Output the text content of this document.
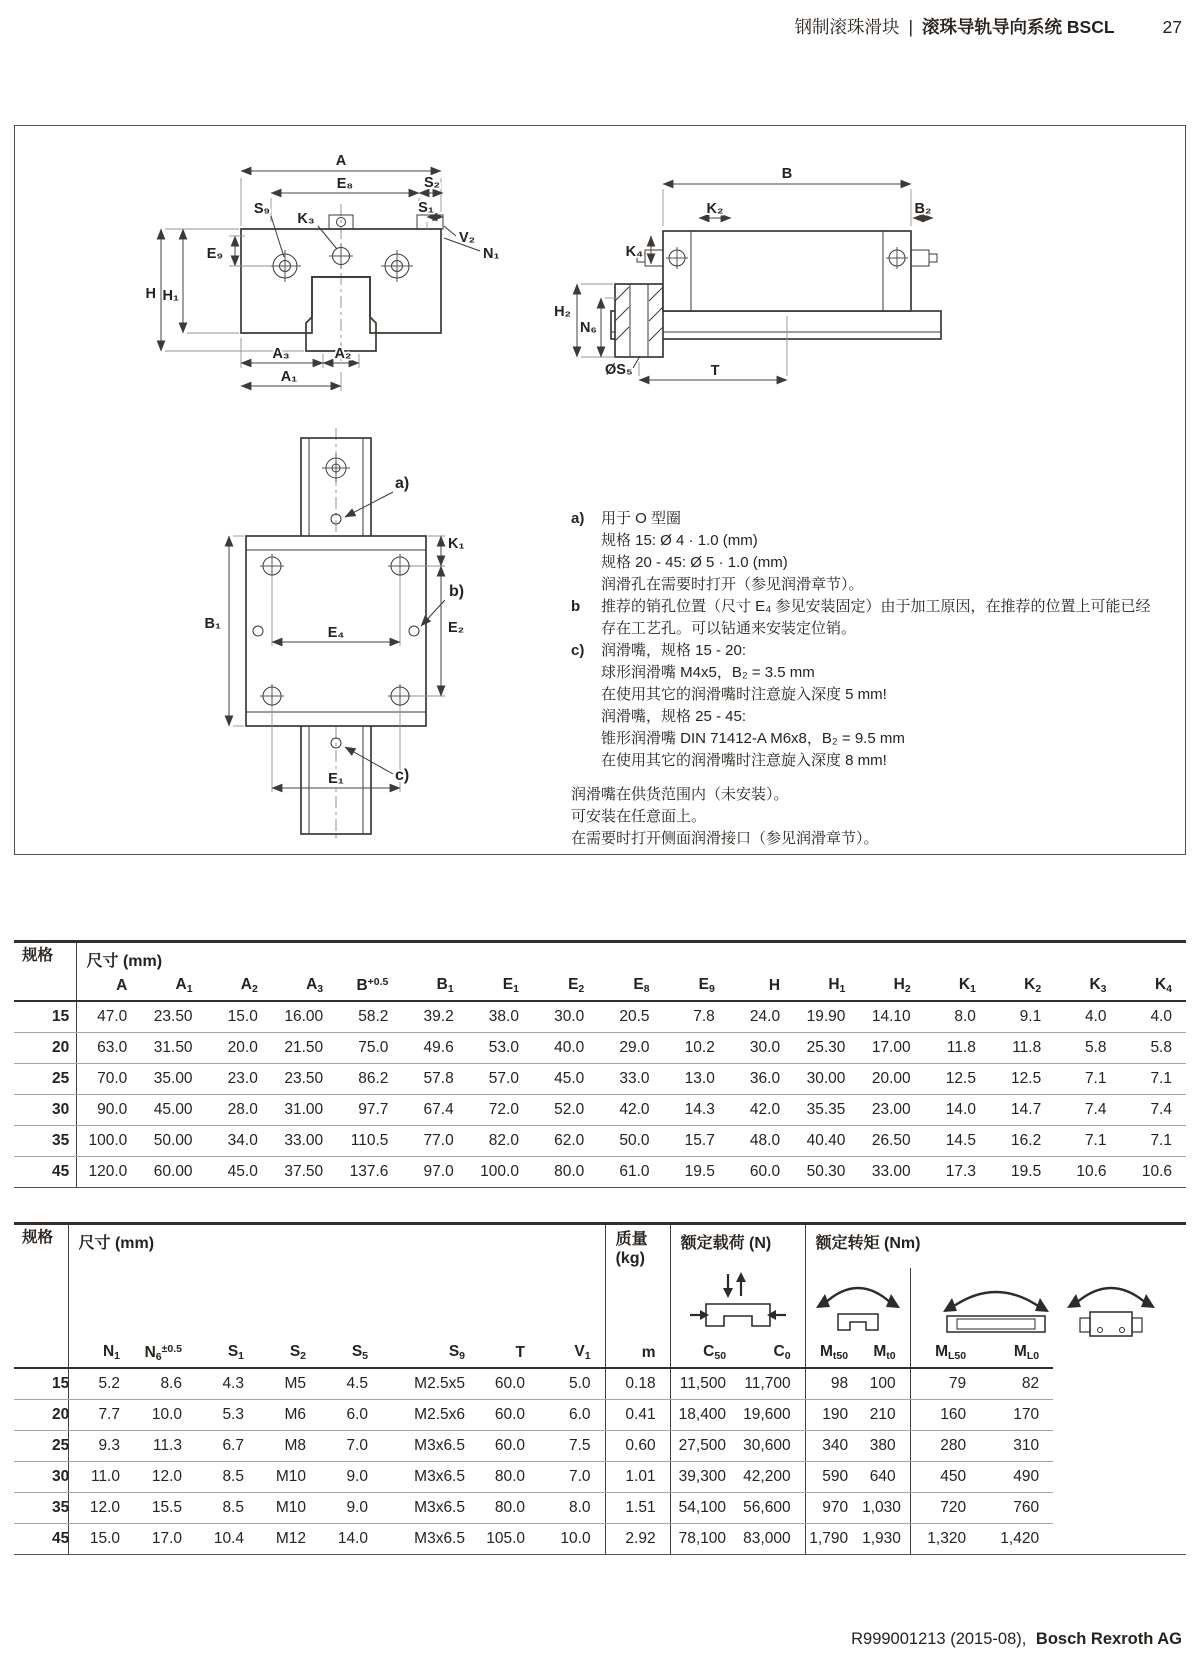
钢制滚珠滑块 | 滚珠导轨导向系统 BSCL	27
A
E₈	S₂
S₁
S₉
K₃
V₂
N₁
E₉
H H₁
A₃	A₂
A₁
B
K₂	B₂
K₄
H₂
N₆
ØS₅	T
a)
K₁
b)
B₁
E₄	E₂
c)
E₁
a)	用于 O 型圈
规格 15: Ø 4 · 1.0 (mm)
规格 20 - 45: Ø 5 · 1.0 (mm)
润滑孔在需要时打开（参见润滑章节）。
b	推荐的销孔位置（尺寸 E₄ 参见安装固定）由于加工原因，在推荐的位置上可能已经存在工艺孔。可以钻通来安装定位销。
c)	润滑嘴，规格 15 - 20:
球形润滑嘴 M4x5，B₂ = 3.5 mm
在使用其它的润滑嘴时注意旋入深度 5 mm!
润滑嘴，规格 25 - 45:
锥形润滑嘴 DIN 71412-A M6x8，B₂ = 9.5 mm
在使用其它的润滑嘴时注意旋入深度 8 mm!
润滑嘴在供货范围内（未安装）。
可安装在任意面上。
在需要时打开侧面润滑接口（参见润滑章节）。
规格	尺寸 (mm)																
	A	$A_1$	$A_2$	$A_3$	$B^{+0.5}$	$B_1$	$E_1$	$E_2$	$E_8$	$E_9$	H	$H_1$	$H_2$	$K_1$	$K_2$	$K_3$	$K_4$
15	47.0	23.50	15.0	16.00	58.2	39.2	38.0	30.0	20.5	7.8	24.0	19.90	14.10	8.0	9.1	4.0	4.0
20	63.0	31.50	20.0	21.50	75.0	49.6	53.0	40.0	29.0	10.2	30.0	25.30	17.00	11.8	11.8	5.8	5.8
25	70.0	35.00	23.0	23.50	86.2	57.8	57.0	45.0	33.0	13.0	36.0	30.00	20.00	12.5	12.5	7.1	7.1
30	90.0	45.00	28.0	31.00	97.7	67.4	72.0	52.0	42.0	14.3	42.0	35.35	23.00	14.0	14.7	7.4	7.4
35	100.0	50.00	34.0	33.00	110.5	77.0	82.0	62.0	50.0	15.7	48.0	40.40	26.50	14.5	16.2	7.1	7.1
45	120.0	60.00	45.0	37.50	137.6	97.0	100.0	80.0	61.0	19.5	60.0	50.30	33.00	17.3	19.5	10.6	10.6
规格	尺寸 (mm)								质量
(kg)	额定载荷 (N)		额定转矩 (Nm)				

	$N_1$	$N_6^{\pm 0.5}$	$S_1$	$S_2$	$S_5$	$S_9$	T	$V_1$	m	$C_{50}$	$C_0$	$M_{t50}$	$M_{t0}$	$M_{L50}$	$M_{L0}$	
15	5.2	8.6	4.3	M5	4.5	M2.5x5	60.0	5.0	0.18	11,500	11,700	98	100	79	82	
20	7.7	10.0	5.3	M6	6.0	M2.5x6	60.0	6.0	0.41	18,400	19,600	190	210	160	170	
25	9.3	11.3	6.7	M8	7.0	M3x6.5	60.0	7.5	0.60	27,500	30,600	340	380	280	310	
30	11.0	12.0	8.5	M10	9.0	M3x6.5	80.0	7.0	1.01	39,300	42,200	590	640	450	490	
35	12.0	15.5	8.5	M10	9.0	M3x6.5	80.0	8.0	1.51	54,100	56,600	970	1,030	720	760	
45	15.0	17.0	10.4	M12	14.0	M3x6.5	105.0	10.0	2.92	78,100	83,000	1,790	1,930	1,320	1,420	
R999001213 (2015-08), Bosch Rexroth AG
